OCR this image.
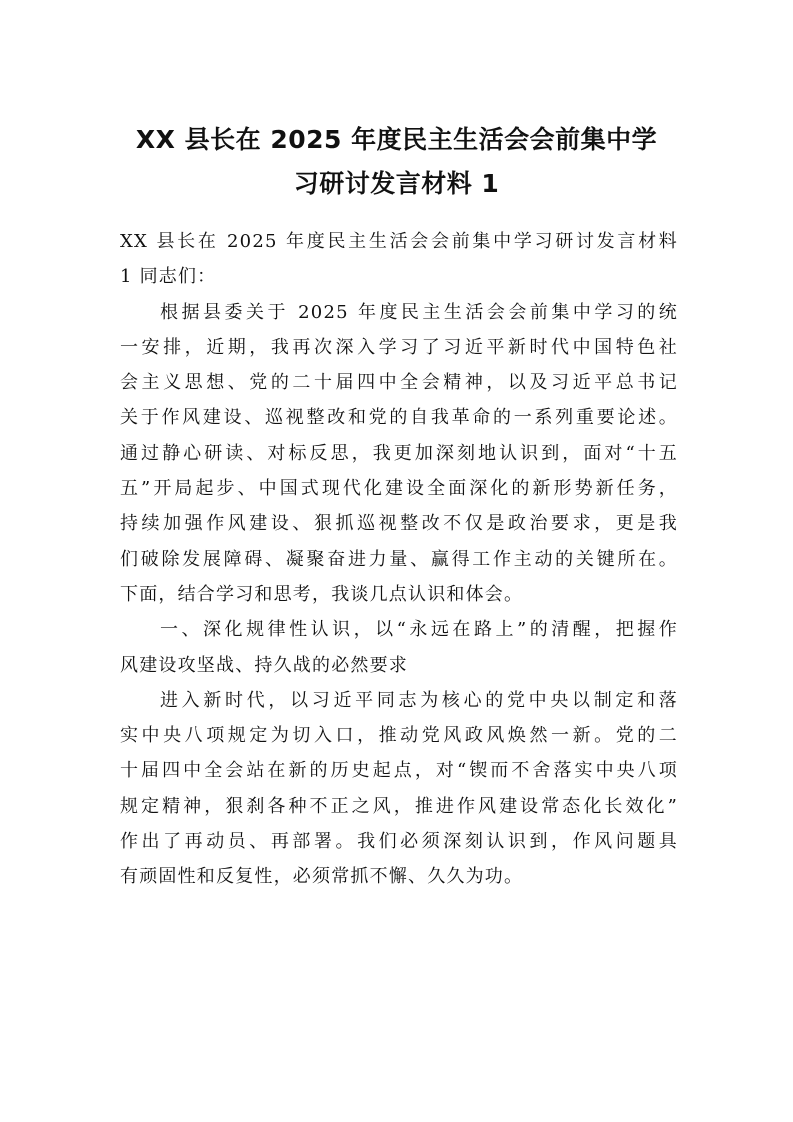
XX 县长在 2025 年度民主生活会会前集中学
习研讨发言材料 1
XX 县长在 2025 年度民主生活会会前集中学习研讨发言材料
1 同志们：
根据县委关于 2025 年度民主生活会会前集中学习的统
一安排，近期，我再次深入学习了习近平新时代中国特色社
会主义思想、党的二十届四中全会精神，以及习近平总书记
关于作风建设、巡视整改和党的自我革命的一系列重要论述。
通过静心研读、对标反思，我更加深刻地认识到，面对“十五
五”开局起步、中国式现代化建设全面深化的新形势新任务，
持续加强作风建设、狠抓巡视整改不仅是政治要求，更是我
们破除发展障碍、凝聚奋进力量、赢得工作主动的关键所在。
下面，结合学习和思考，我谈几点认识和体会。
一、深化规律性认识，以“永远在路上”的清醒，把握作
风建设攻坚战、持久战的必然要求
进入新时代，以习近平同志为核心的党中央以制定和落
实中央八项规定为切入口，推动党风政风焕然一新。党的二
十届四中全会站在新的历史起点，对“锲而不舍落实中央八项
规定精神，狠刹各种不正之风，推进作风建设常态化长效化”
作出了再动员、再部署。我们必须深刻认识到，作风问题具
有顽固性和反复性，必须常抓不懈、久久为功。
